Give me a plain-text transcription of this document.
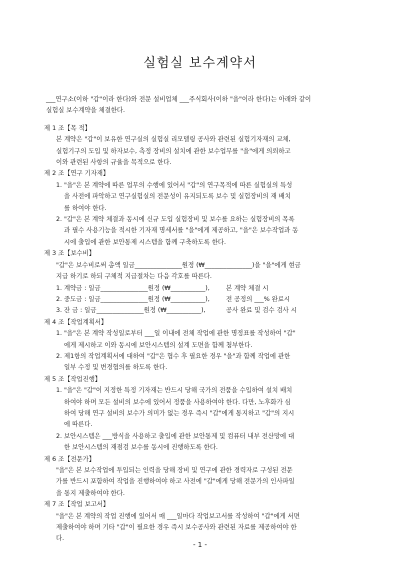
실험실 보수계약서

___연구소(이하 "갑"이라 한다)와 전문 설비업체 ___주식회사(이하 "을"이라 한다)는 아래와 같이

실험실 보수계약을 체결한다.

제 1 조【목 적】

본 계약은 "갑"이 보유한 연구실의 실험실 리모델링 공사와 관련된 실험기자재의 교체,

실험기구의 도입 및 하자보수, 측정 장비의 설치에 관한 보수업무를 "을"에게 의뢰하고

이와 관련된 사항의 규율을 목적으로 한다.

제 2 조【연구 기자재】

1. "을"은 본 계약에 따른 업무의 수행에 있어서 "갑"의 연구목적에 따른 실험실의 특성

을 사전에 파악하고 연구실험실의 전문성이 유지되도록 보수 및 실험장비의 재 배치

를 하여야 한다.

2. "갑"은 본 계약 체결과 동시에 신규 도입 실험장비 및 보수를 요하는 실험장비의 목록

과 필수 사용기능을 적시한 기자재 명세서를 "을"에게 제공하고, "을"은 보수작업과 동

시에 출입에 관한 보안통제 시스템을 함께 구축하도록 한다.

제 3 조【보수비】

"갑"은 보수비로써 총액 일금_______________원정 (₩_______________)을 "을"에게 현금

지급 하기로 하되 구체적 지급절차는 다음 각호를 따른다.

1. 계약금 : 일금_______________원정 (₩___________),	본 계약 체결 시
2. 중도금 : 일금_______________원정 (₩___________),	전 공정의 ___% 완료시
3. 잔 금 : 일금_______________원정 (₩___________),	공사 완료 및 검수 검사 시

제 4 조【작업계획서】

1. "을"은 본 계약 작성일로부터 ___일 이내에 전체 작업에 관한 명정표를 작성하여 "갑"

에게 제시하고 이와 동시에 보안시스템의 설계 도면을 함께 첨부한다.

2. 제1항의 작업계획서에 대하여 "갑"은 협수 후 필요한 경우 "을"과 함께 작업에 관한

일부 수정 및 변경협의를 하도록 한다.

제 5 조【작업진행】

1. "을"은 "갑"이 지정한 특정 기자재는 반드시 당해 국가의 전품을 수입하여 설치 배치

하여야 하며 모든 설비의 보수에 있어서 정품을 사용하여야 한다. 다만, 노후화가 심

하여 당해 연구 설비의 보수가 의미가 없는 경우 즉시 "갑"에게 통지하고 "갑"의 지시

에 따른다.

2. 보안시스템은 ___방식을 사용하고 출입에 관한 보안통제 및 컴퓨터 내부 전산망에 대

한 보안시스템의 재점검 보수를 동시에 진행하도록 한다.

제 6 조【전문가】

"을"은 본 보수작업에 투입되는 인력을 당해 장비 및 연구에 관한 경력자로 구성된 전문

가를 반드시 포함하여 작업을 진행하여야 하고 사전에 "갑"에게 당해 전문가의 인사파일

을 통지 제출하여야 한다.

제 7 조【작업 보고서】

"을"은 본 계약의 작업 진행에 있어서 매 ___일마다 작업보고서를 작성하여 "갑"에게 서면

제출하여야 하며 기타 "갑"이 필요한 경우 즉시 보수공사와 관련된 자료를 제공하여야 한

다.

- 1 -
